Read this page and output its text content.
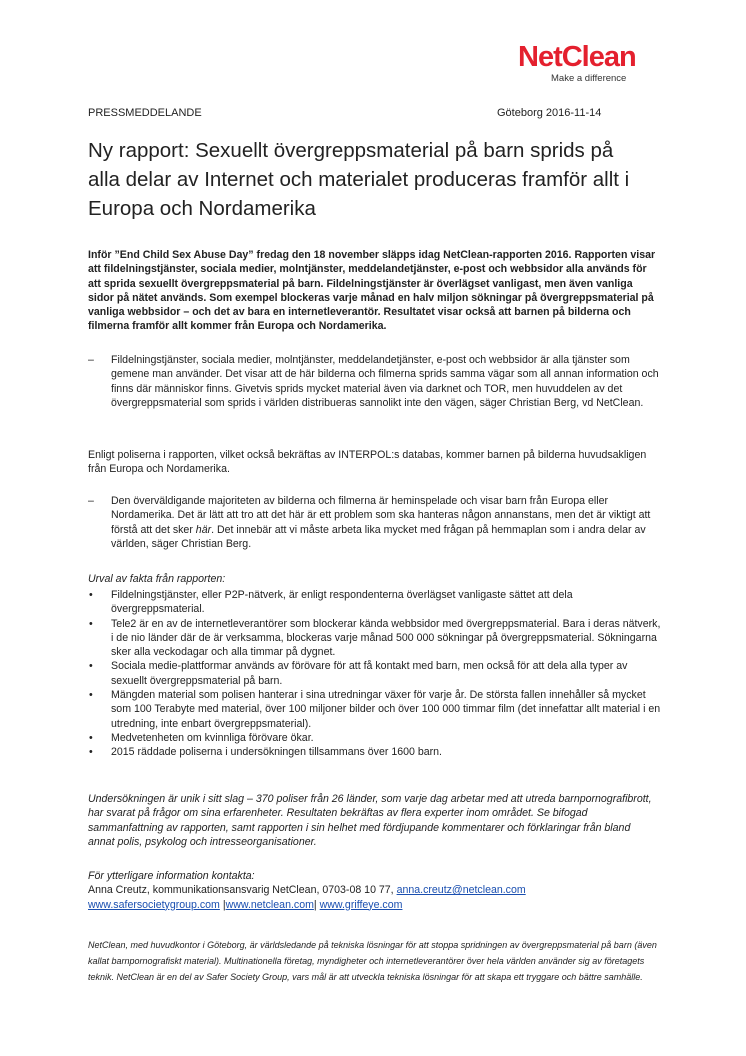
NetClean
Make a difference
PRESSMEDDELANDE	Göteborg 2016-11-14
Ny rapport: Sexuellt övergreppsmaterial på barn sprids på alla delar av Internet och materialet produceras framför allt i Europa och Nordamerika
Inför ”End Child Sex Abuse Day” fredag den 18 november släpps idag NetClean-rapporten 2016. Rapporten visar att fildelningstjänster, sociala medier, molntjänster, meddelandetjänster, e-post och webbsidor alla används för att sprida sexuellt övergreppsmaterial på barn. Fildelningstjänster är överlägset vanligast, men även vanliga sidor på nätet används. Som exempel blockeras varje månad en halv miljon sökningar på övergreppsmaterial på vanliga webbsidor – och det av bara en internetleverantör. Resultatet visar också att barnen på bilderna och filmerna framför allt kommer från Europa och Nordamerika.
– Fildelningstjänster, sociala medier, molntjänster, meddelandetjänster, e-post och webbsidor är alla tjänster som gemene man använder. Det visar att de här bilderna och filmerna sprids samma vägar som all annan information och finns där människor finns. Givetvis sprids mycket material även via darknet och TOR, men huvuddelen av det övergreppsmaterial som sprids i världen distribueras sannolikt inte den vägen, säger Christian Berg, vd NetClean.
Enligt poliserna i rapporten, vilket också bekräftas av INTERPOL:s databas, kommer barnen på bilderna huvudsakligen från Europa och Nordamerika.
– Den överväldigande majoriteten av bilderna och filmerna är heminspelade och visar barn från Europa eller Nordamerika. Det är lätt att tro att det här är ett problem som ska hanteras någon annanstans, men det är viktigt att förstå att det sker här. Det innebär att vi måste arbeta lika mycket med frågan på hemmaplan som i andra delar av världen, säger Christian Berg.
Urval av fakta från rapporten:
• Fildelningstjänster, eller P2P-nätverk, är enligt respondenterna överlägset vanligaste sättet att dela övergreppsmaterial.
• Tele2 är en av de internetleverantörer som blockerar kända webbsidor med övergreppsmaterial. Bara i deras nätverk, i de nio länder där de är verksamma, blockeras varje månad 500 000 sökningar på övergreppsmaterial. Sökningarna sker alla veckodagar och alla timmar på dygnet.
• Sociala medie-plattformar används av förövare för att få kontakt med barn, men också för att dela alla typer av sexuellt övergreppsmaterial på barn.
• Mängden material som polisen hanterar i sina utredningar växer för varje år. De största fallen innehåller så mycket som 100 Terabyte med material, över 100 miljoner bilder och över 100 000 timmar film (det innefattar allt material i en utredning, inte enbart övergreppsmaterial).
• Medvetenheten om kvinnliga förövare ökar.
• 2015 räddade poliserna i undersökningen tillsammans över 1600 barn.
Undersökningen är unik i sitt slag – 370 poliser från 26 länder, som varje dag arbetar med att utreda barnpornografibrott, har svarat på frågor om sina erfarenheter. Resultaten bekräftas av flera experter inom området. Se bifogad sammanfattning av rapporten, samt rapporten i sin helhet med fördjupande kommentarer och förklaringar från bland annat polis, psykolog och intresseorganisationer.
För ytterligare information kontakta:
Anna Creutz, kommunikationsansvarig NetClean, 0703-08 10 77, anna.creutz@netclean.com
www.safersocietygroup.com |www.netclean.com| www.griffeye.com
NetClean, med huvudkontor i Göteborg, är världsledande på tekniska lösningar för att stoppa spridningen av övergreppsmaterial på barn (även kallat barnpornografiskt material). Multinationella företag, myndigheter och internetleverantörer över hela världen använder sig av företagets teknik. NetClean är en del av Safer Society Group, vars mål är att utveckla tekniska lösningar för att skapa ett tryggare och bättre samhälle.
